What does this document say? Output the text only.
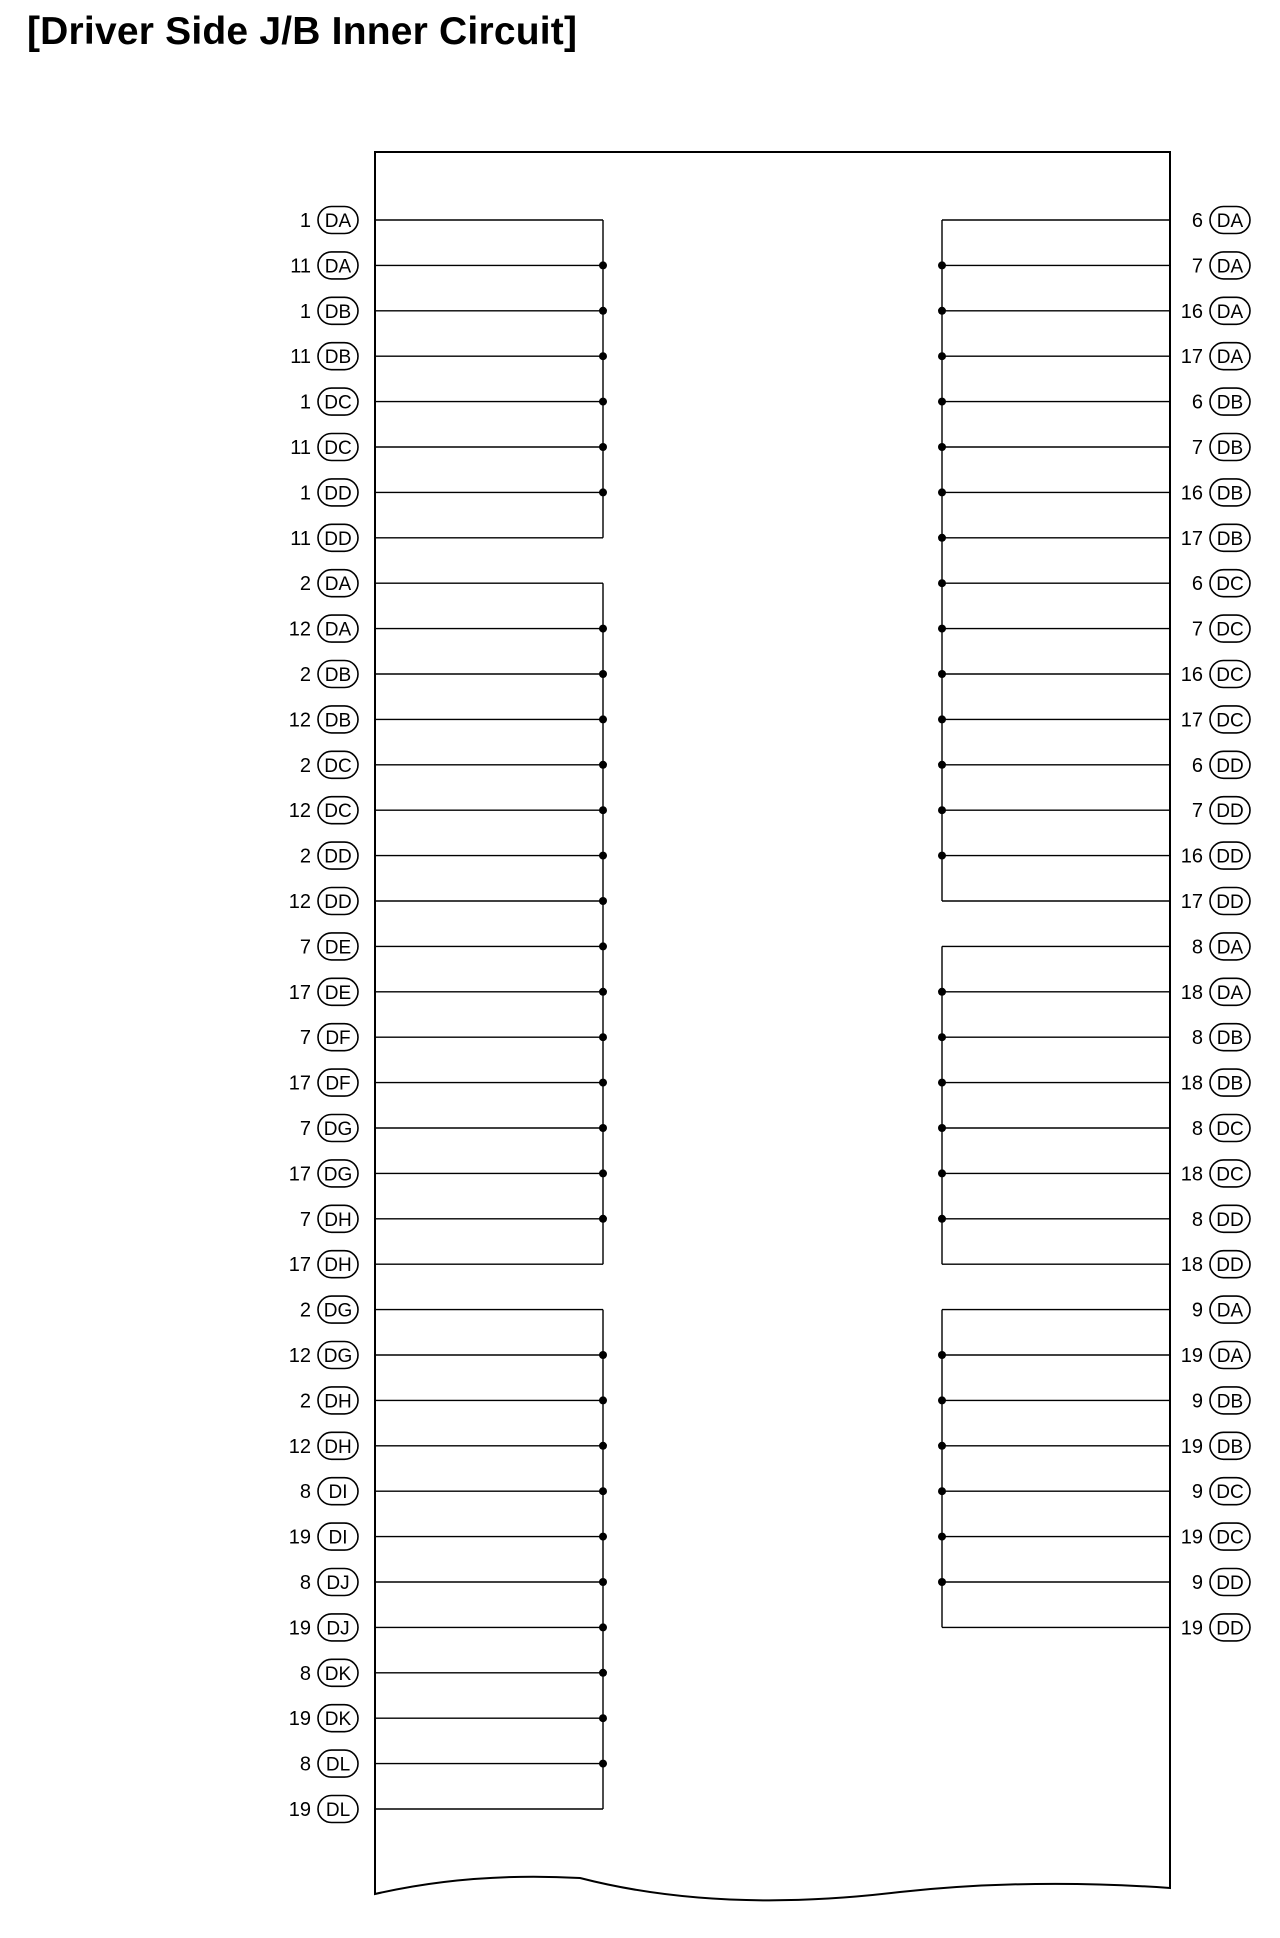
[Driver Side J/B Inner Circuit]
1 DA
11 DA
1 DB
11 DB
1 DC
11 DC
1 DD
11 DD
2 DA
12 DA
2 DB
12 DB
2 DC
12 DC
2 DD
12 DD
7 DE
17 DE
7 DF
17 DF
7 DG
17 DG
7 DH
17 DH
2 DG
12 DG
2 DH
12 DH
8 DI
19 DI
8 DJ
19 DJ
8 DK
19 DK
8 DL
19 DL
6 DA
7 DA
16 DA
17 DA
6 DB
7 DB
16 DB
17 DB
6 DC
7 DC
16 DC
17 DC
6 DD
7 DD
16 DD
17 DD
8 DA
18 DA
8 DB
18 DB
8 DC
18 DC
8 DD
18 DD
9 DA
19 DA
9 DB
19 DB
9 DC
19 DC
9 DD
19 DD
